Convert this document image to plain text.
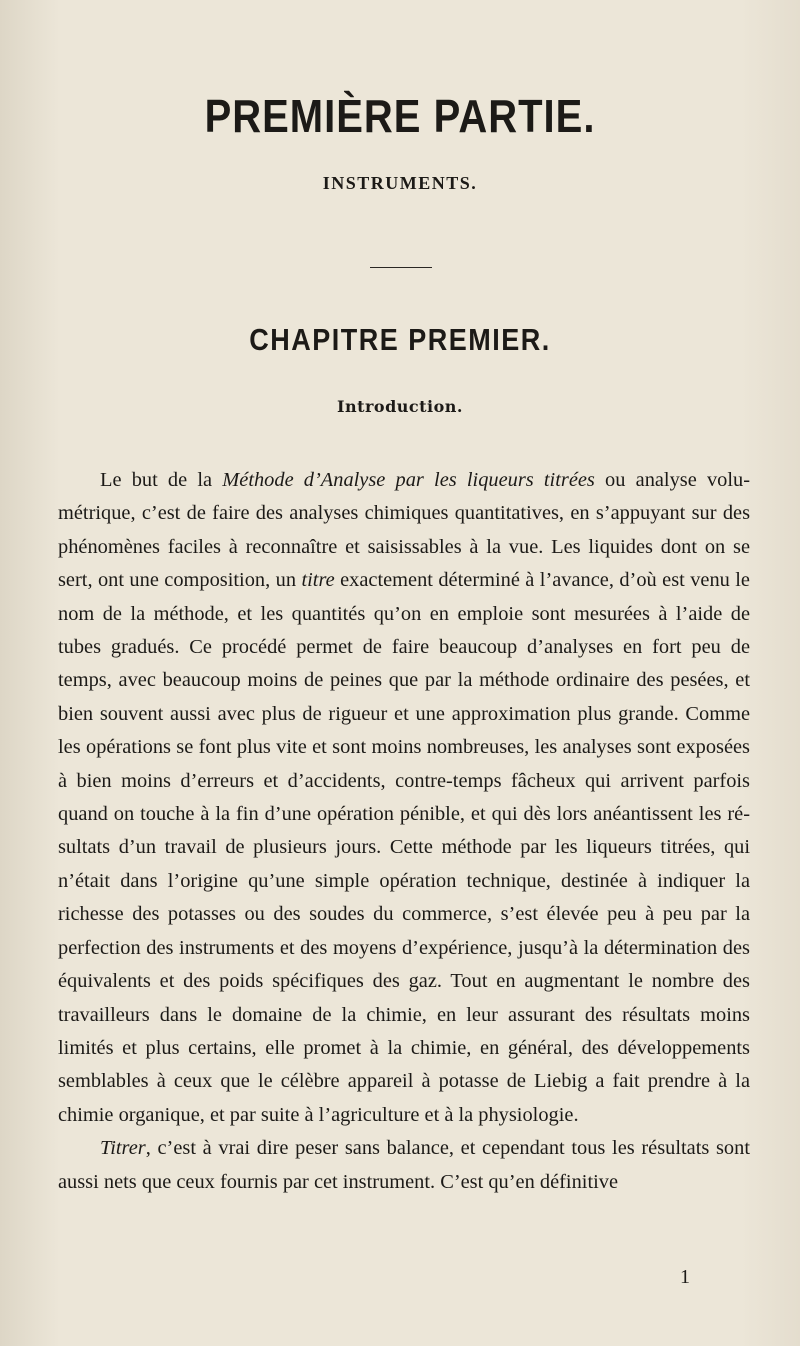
PREMIÈRE PARTIE.
INSTRUMENTS.
CHAPITRE PREMIER.
Introduction.

Le but de la Méthode d’Analyse par les liqueurs titrées ou analyse volumétrique, c’est de faire des analyses chimiques quantitatives, en s’appuyant sur des phénomènes faciles à reconnaître et saisissables à la vue. Les liquides dont on se sert, ont une composition, un titre exactement déterminé à l’avance, d’où est venu le nom de la méthode, et les quantités qu’on en emploie sont mesurées à l’aide de tubes gradués. Ce procédé permet de faire beaucoup d’analyses en fort peu de temps, avec beaucoup moins de peines que par la méthode ordinaire des pesées, et bien souvent aussi avec plus de rigueur et une approximation plus grande. Comme les opérations se font plus vite et sont moins nombreuses, les analyses sont exposées à bien moins d’erreurs et d’accidents, contre-temps fâcheux qui arrivent parfois quand on touche à la fin d’une opération pénible, et qui dès lors anéantissent les résultats d’un travail de plusieurs jours. Cette méthode par les liqueurs titrées, qui n’était dans l’origine qu’une simple opération technique, destinée à indiquer la richesse des potasses ou des soudes du commerce, s’est élevée peu à peu par la perfection des instruments et des moyens d’expérience, jusqu’à la détermination des équivalents et des poids spécifiques des gaz. Tout en augmentant le nombre des travailleurs dans le domaine de la chimie, en leur assurant des résultats moins limités et plus certains, elle promet à la chimie, en général, des développements semblables à ceux que le célèbre appareil à potasse de Liebig a fait prendre à la chimie organique, et par suite à l’agriculture et à la physiologie.

Titrer, c’est à vrai dire peser sans balance, et cependant tous les résultats sont aussi nets que ceux fournis par cet instrument. C’est qu’en définitive

1
